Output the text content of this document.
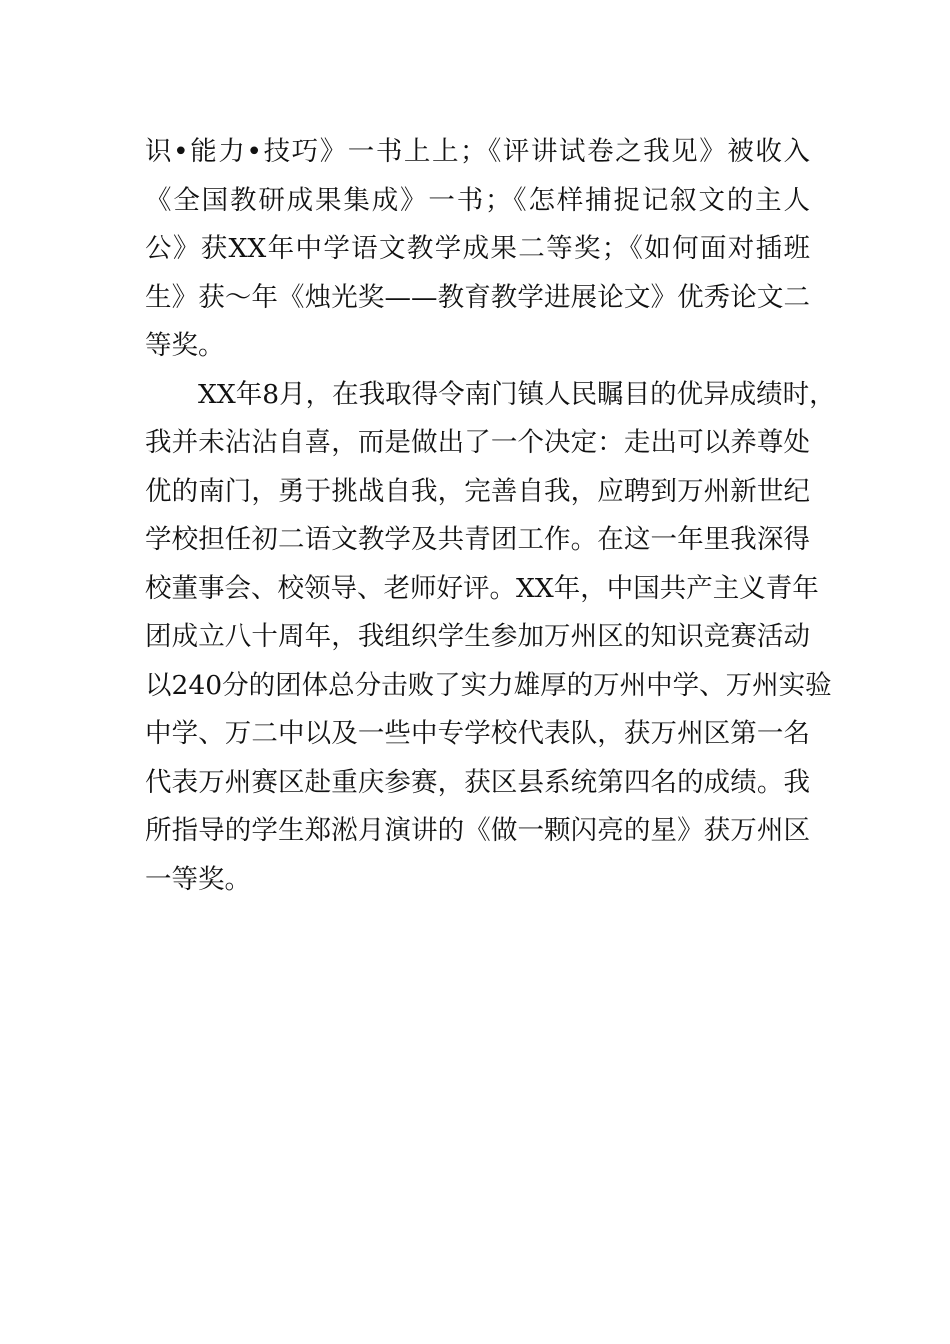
识•能力•技巧》一书上上；《评讲试卷之我见》被收入
《全国教研成果集成》一书；《怎样捕捉记叙文的主人
公》获XX年中学语文教学成果二等奖；《如何面对插班
生》获～年《烛光奖——教育教学进展论文》优秀论文二
等奖。
　　XX年8月，在我取得令南门镇人民瞩目的优异成绩时，
我并未沾沾自喜，而是做出了一个决定：走出可以养尊处
优的南门，勇于挑战自我，完善自我，应聘到万州新世纪
学校担任初二语文教学及共青团工作。在这一年里我深得
校董事会、校领导、老师好评。XX年，中国共产主义青年
团成立八十周年，我组织学生参加万州区的知识竞赛活动
以240分的团体总分击败了实力雄厚的万州中学、万州实验
中学、万二中以及一些中专学校代表队，获万州区第一名
代表万州赛区赴重庆参赛，获区县系统第四名的成绩。我
所指导的学生郑淞月演讲的《做一颗闪亮的星》获万州区
一等奖。
